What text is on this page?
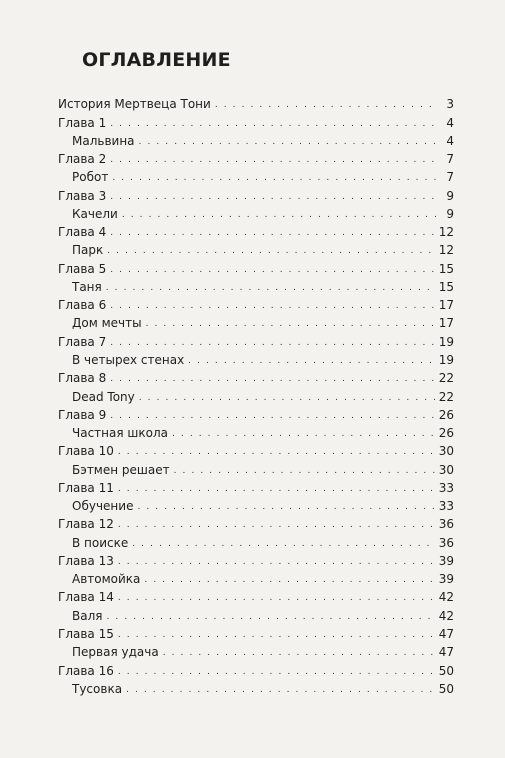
ОГЛАВЛЕНИЕ
История Мертвеца Тони . . .	3
Глава 1 . . .	4
Мальвина . . .	4
Глава 2 . . .	7
Робот . . .	7
Глава 3 . . .	9
Качели . . .	9
Глава 4 . . .	12
Парк . . .	12
Глава 5 . . .	15
Таня . . .	15
Глава 6 . . .	17
Дом мечты . . .	17
Глава 7 . . .	19
В четырех стенах . . .	19
Глава 8 . . .	22
Dead Tony . . .	22
Глава 9 . . .	26
Частная школа . . .	26
Глава 10 . . .	30
Бэтмен решает . . .	30
Глава 11 . . .	33
Обучение . . .	33
Глава 12 . . .	36
В поиске . . .	36
Глава 13 . . .	39
Автомойка . . .	39
Глава 14 . . .	42
Валя . . .	42
Глава 15 . . .	47
Первая удача . . .	47
Глава 16 . . .	50
Тусовка . . .	50
